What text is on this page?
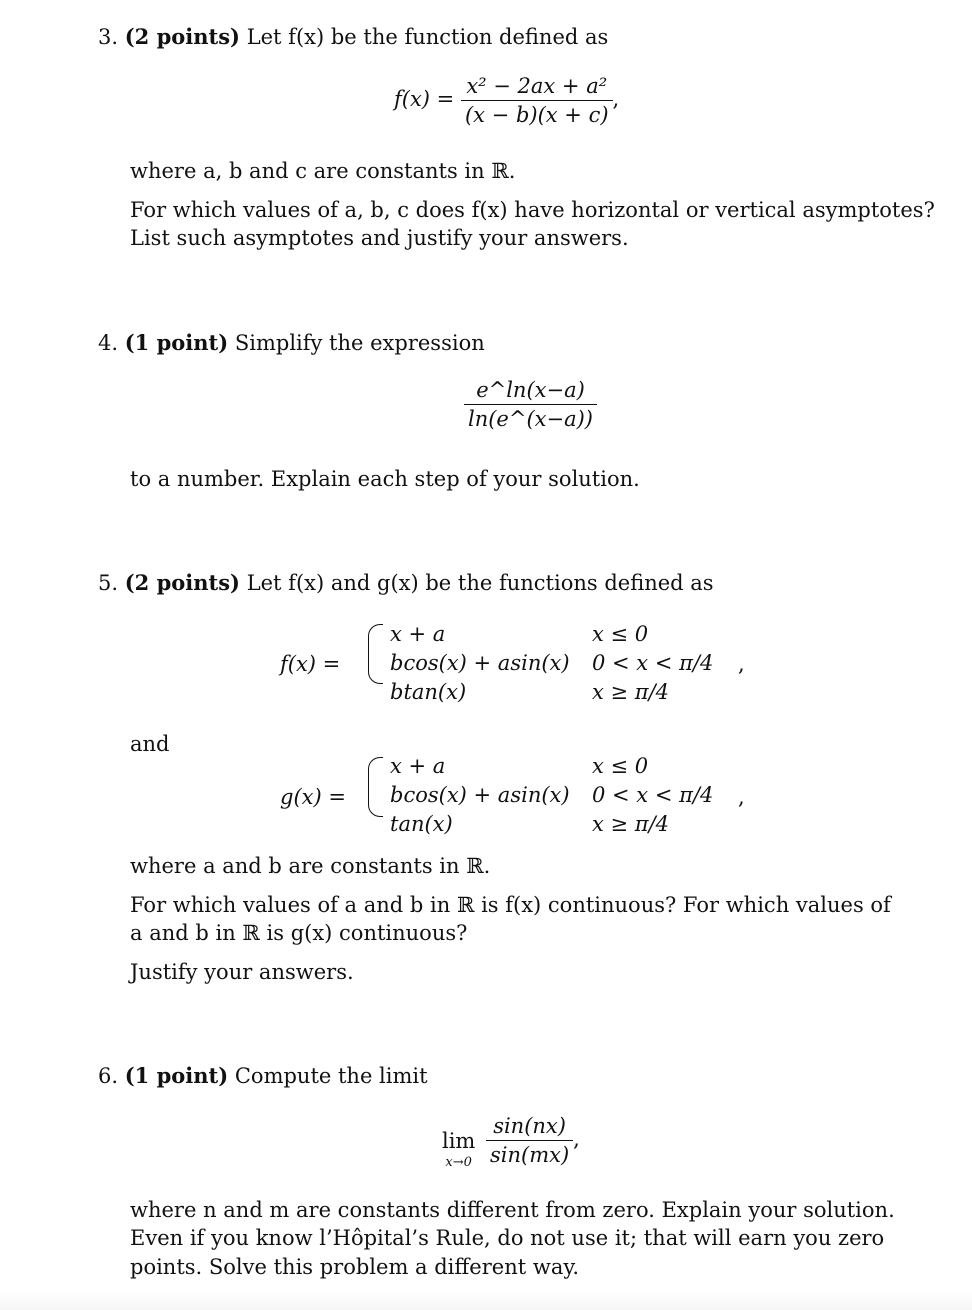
3. (2 points) Let f(x) be the function defined as
$f(x) = \frac{\text{x² − 2ax + a²}}{(x - b)(x + c)}$ ,
where a, b and c are constants in ℝ.
For which values of a, b, c does f(x) have horizontal or vertical asymptotes?
List such asymptotes and justify your answers.
4. (1 point) Simplify the expression
$\frac{e\^{}\ln(x-a)}{\ln(e\^{}(x-a))}$
to a number. Explain each step of your solution.
5. (2 points) Let f(x) and g(x) be the functions defined as
f(x) =
x + a	x ≤ 0
bcos(x) + asin(x) 0 < x < π/4
btan(x)	x ≥ π/4
,
and
g(x) =
x + a	x ≤ 0
bcos(x) + asin(x) 0 < x < π/4
tan(x)	x ≥ π/4
,
where a and b are constants in ℝ.
For which values of a and b in ℝ is f(x) continuous? For which values of
a and b in ℝ is g(x) continuous?
Justify your answers.
6. (1 point) Compute the limit
lim
$x\to 0 \frac{\sin(nx)}{\sin(mx)}$ ,
where n and m are constants different from zero. Explain your solution.
Even if you know l’Hôpital’s Rule, do not use it; that will earn you zero
points. Solve this problem a different way.
